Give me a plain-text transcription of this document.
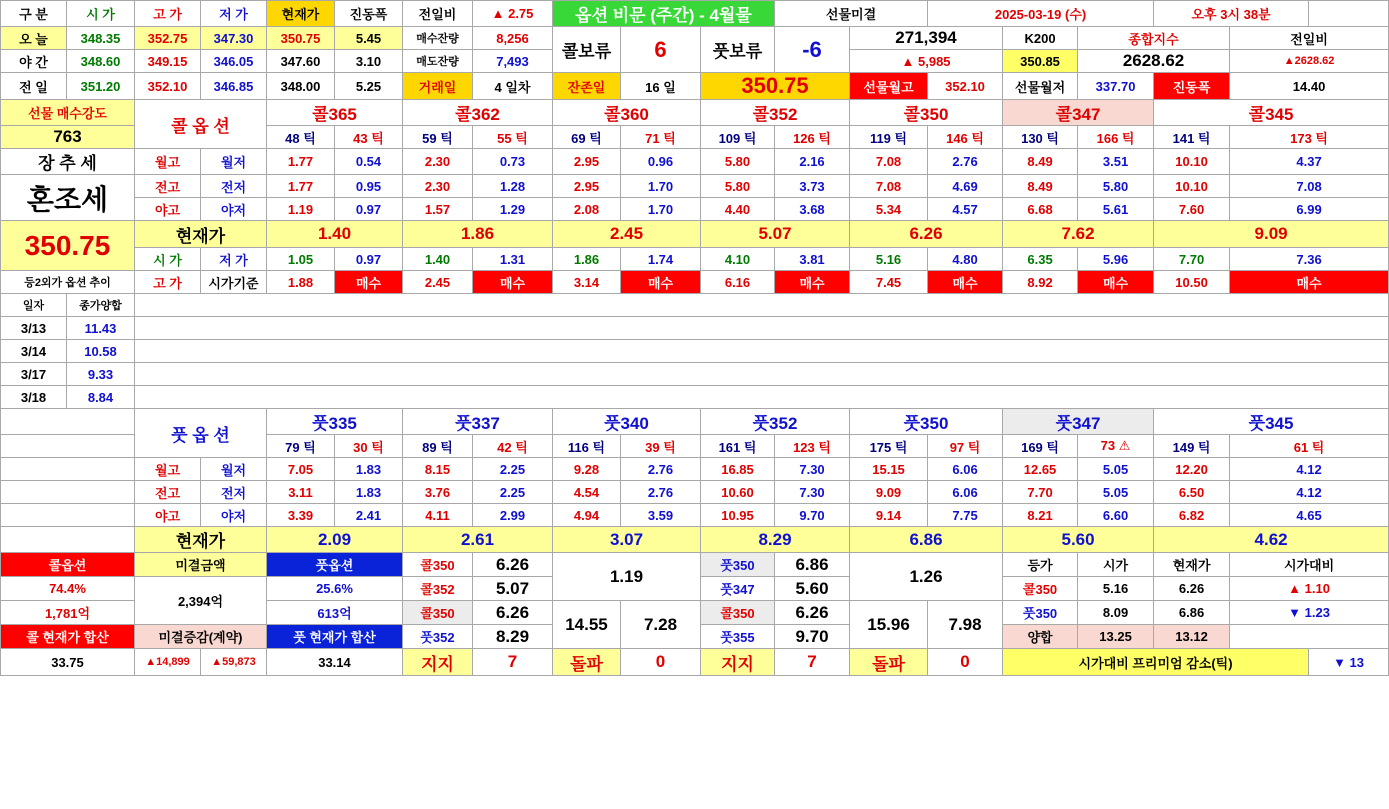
구 분	시 가	고 가	저 가	현재가	진동폭	전일비	▲ 2.75	옵션 비문 (주간) - 4월물			선물미결		2025-03-19 (수)			오후 3시 38분		
오 늘	348.35	352.75	347.30	350.75	5.45	매수잔량	8,256	콜보류	6	풋보류	-6	271,394		K200	종합지수		전일비	
야 간	348.60	349.15	346.05	347.60	3.10	매도잔량	7,493					▲ 5,985		350.85	2628.62		▲2628.62	
전 일	351.20	352.10	346.85	348.00	5.25	거래일	4 일차	잔존일	16 일	350.75		선물월고	352.10	선물월저	337.70	진동폭	14.40	
선물 매수강도		콜 옵 션		콜365		콜362		콜360		콜352		콜350		콜347		콜345		
763				48 틱	43 틱	59 틱	55 틱	69 틱	71 틱	109 틱	126 틱	119 틱	146 틱	130 틱	166 틱	141 틱	173 틱	
장 추 세		월고	월저	1.77	0.54	2.30	0.73	2.95	0.96	5.80	2.16	7.08	2.76	8.49	3.51	10.10	4.37	
혼조세		전고	전저	1.77	0.95	2.30	1.28	2.95	1.70	5.80	3.73	7.08	4.69	8.49	5.80	10.10	7.08	
		야고	야저	1.19	0.97	1.57	1.29	2.08	1.70	4.40	3.68	5.34	4.57	6.68	5.61	7.60	6.99	
350.75		현재가		1.40		1.86		2.45		5.07		6.26		7.62		9.09		
		시 가	저 가	1.05	0.97	1.40	1.31	1.86	1.74	4.10	3.81	5.16	4.80	6.35	5.96	7.70	7.36	
등2외가 옵션 추이		고 가	시가기준	1.88	매수	2.45	매수	3.14	매수	6.16	매수	7.45	매수	8.92	매수	10.50	매수	
일자	종가양합																	
3/13	11.43																	
3/14	10.58																	
3/17	9.33																	
3/18	8.84																	
		풋 옵 션		풋335		풋337		풋340		풋352		풋350		풋347		풋345		
				79 틱	30 틱	89 틱	42 틱	116 틱	39 틱	161 틱	123 틱	175 틱	97 틱	169 틱	73 ⚠	149 틱	61 틱	
		월고	월저	7.05	1.83	8.15	2.25	9.28	2.76	16.85	7.30	15.15	6.06	12.65	5.05	12.20	4.12	
		전고	전저	3.11	1.83	3.76	2.25	4.54	2.76	10.60	7.30	9.09	6.06	7.70	5.05	6.50	4.12	
		야고	야저	3.39	2.41	4.11	2.99	4.94	3.59	10.95	9.70	9.14	7.75	8.21	6.60	6.82	4.65	
		현재가		2.09		2.61		3.07		8.29		6.86		5.60		4.62		
콜옵션		미결금액		풋옵션		콜350	6.26	1.19		풋350	6.86	1.26		등가	시가	현재가	시가대비	
74.4%		2,394억		25.6%		콜352	5.07			풋347	5.60			콜350	5.16	6.26	▲ 1.10	
1,781억				613억		콜350	6.26	14.55	7.28	콜350	6.26	15.96	7.98	풋350	8.09	6.86	▼ 1.23	
콜 현재가 합산		미결증감(계약)		풋 현재가 합산		풋352	8.29			풋355	9.70			양합	13.25	13.12		
33.75		▲14,899	▲59,873	33.14		지지	7	돌파	0	지지	7	돌파	0	시가대비 프리미엄 감소(틱)				▼ 13
